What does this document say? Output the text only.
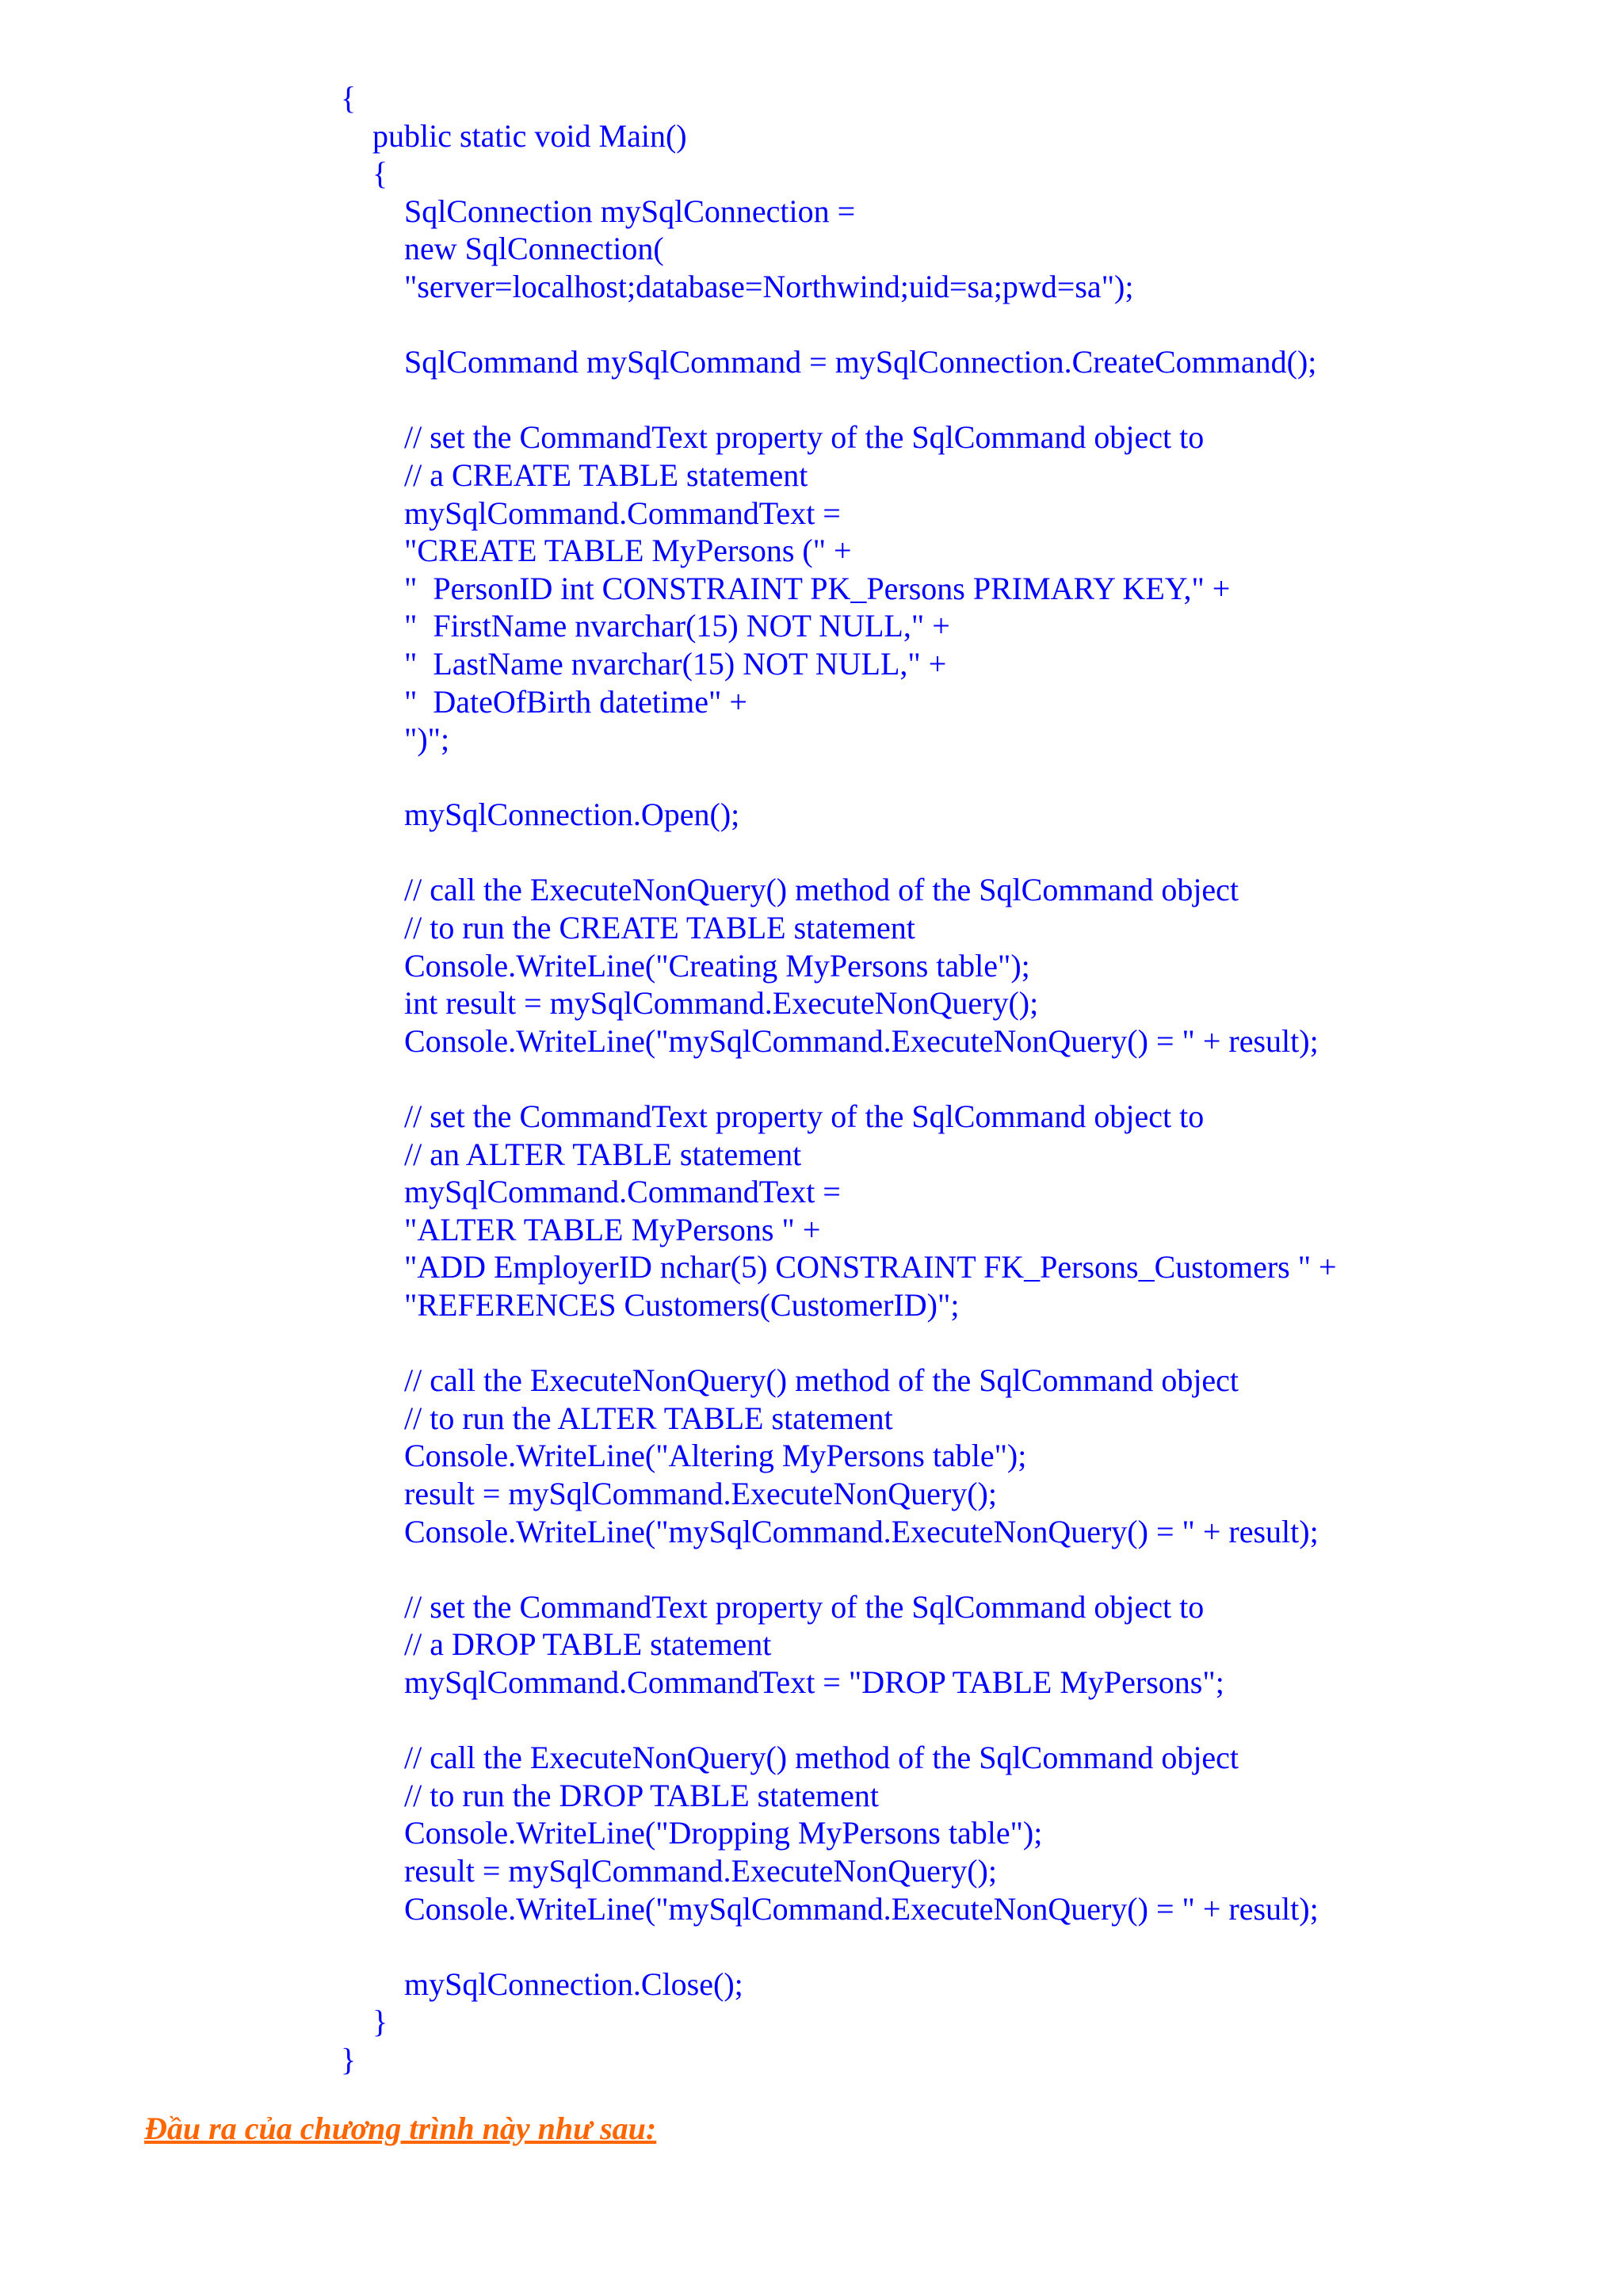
{
public static void Main()
{
SqlConnection mySqlConnection =
new SqlConnection(
"server=localhost;database=Northwind;uid=sa;pwd=sa");
SqlCommand mySqlCommand = mySqlConnection.CreateCommand();
// set the CommandText property of the SqlCommand object to
// a CREATE TABLE statement
mySqlCommand.CommandText =
"CREATE TABLE MyPersons (" +
"  PersonID int CONSTRAINT PK_Persons PRIMARY KEY," +
"  FirstName nvarchar(15) NOT NULL," +
"  LastName nvarchar(15) NOT NULL," +
"  DateOfBirth datetime" +
")";
mySqlConnection.Open();
// call the ExecuteNonQuery() method of the SqlCommand object
// to run the CREATE TABLE statement
Console.WriteLine("Creating MyPersons table");
int result = mySqlCommand.ExecuteNonQuery();
Console.WriteLine("mySqlCommand.ExecuteNonQuery() = " + result);
// set the CommandText property of the SqlCommand object to
// an ALTER TABLE statement
mySqlCommand.CommandText =
"ALTER TABLE MyPersons " +
"ADD EmployerID nchar(5) CONSTRAINT FK_Persons_Customers " +
"REFERENCES Customers(CustomerID)";
// call the ExecuteNonQuery() method of the SqlCommand object
// to run the ALTER TABLE statement
Console.WriteLine("Altering MyPersons table");
result = mySqlCommand.ExecuteNonQuery();
Console.WriteLine("mySqlCommand.ExecuteNonQuery() = " + result);
// set the CommandText property of the SqlCommand object to
// a DROP TABLE statement
mySqlCommand.CommandText = "DROP TABLE MyPersons";
// call the ExecuteNonQuery() method of the SqlCommand object
// to run the DROP TABLE statement
Console.WriteLine("Dropping MyPersons table");
result = mySqlCommand.ExecuteNonQuery();
Console.WriteLine("mySqlCommand.ExecuteNonQuery() = " + result);
mySqlConnection.Close();
}
}
Đầu ra của chương trình này như sau:
